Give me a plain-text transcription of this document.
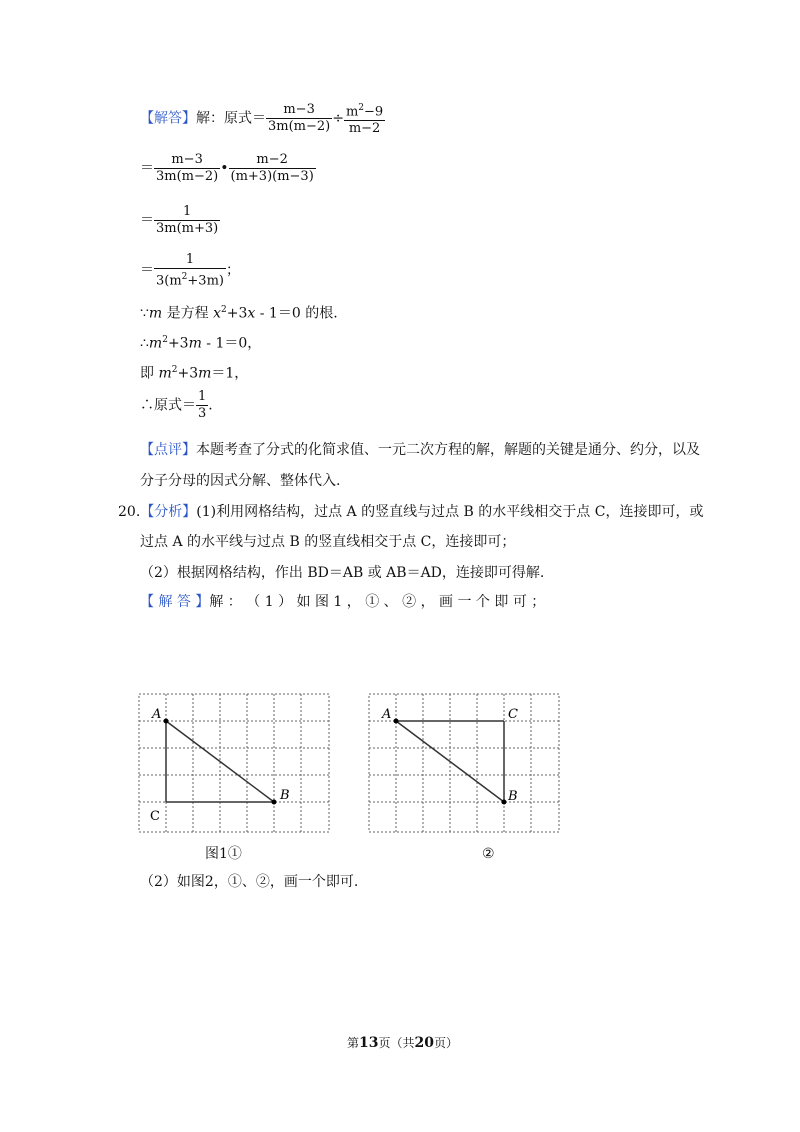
【解答】解：原式＝ $\frac{m-3}{3m(m-2)} \div \frac{m^2-9}{m-2}$
＝ $\frac{m-3}{3m(m-2)}$ • $\frac{m-2}{(m+3)(m-3)}$
＝ $\frac{1}{3m(m+3)}$
＝ $\frac{1}{3(m^2+3m)}$ ；
∵m 是方程 $x^2+3x - 1=0$ 的根.
$\therefore m^2+3m - 1=0$，
即 $m^2+3m=1$，
∴原式＝ $\frac{1}{3}$ .
【点评】本题考查了分式的化简求值、一元二次方程的解，解题的关键是通分、约分，以及
分子分母的因式分解、整体代入.
20.【分析】(1)利用网格结构，过点 A 的竖直线与过点 B 的水平线相交于点 C，连接即可，或
过点 A 的水平线与过点 B 的竖直线相交于点 C，连接即可；
（2）根据网格结构，作出 BD＝AB 或 AB＝AD，连接即可得解.
【 解 答 】解 ： （ 1 ） 如 图 1 ， ① 、 ② ， 画 一 个 即 可 ；
A
B
C
图1①
A	C
B
②
（2）如图2，①、②，画一个即可.
第13页（共20页）
